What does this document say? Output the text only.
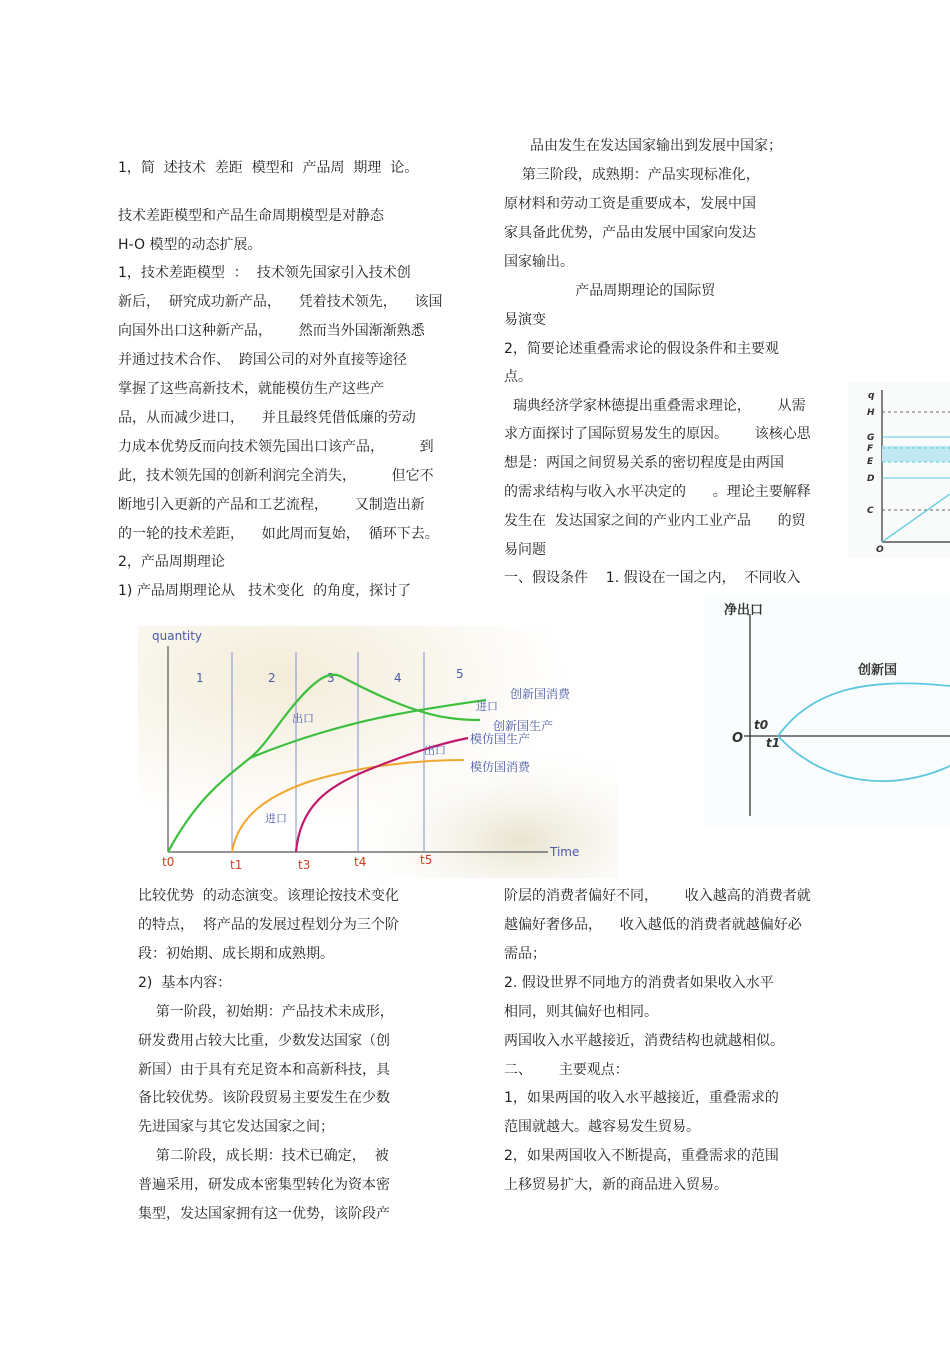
1，简  述技术  差距  模型和  产品周  期理  论。
技术差距模型和产品生命周期模型是对静态
H-O 模型的动态扩展。
1，技术差距模型  ：  技术领先国家引入技术创
新后，  研究成功新产品，    凭着技术领先，    该国
向国外出口这种新产品，      然而当外国渐渐熟悉
并通过技术合作、  跨国公司的对外直接等途径
掌握了这些高新技术，就能模仿生产这些产
品，从而减少进口，    并且最终凭借低廉的劳动
力成本优势反而向技术领先国出口该产品，        到
此，技术领先国的创新利润完全消失，        但它不
断地引入更新的产品和工艺流程，      又制造出新
的一轮的技术差距，    如此周而复始，  循环下去。
2，产品周期理论
1) 产品周期理论从   技术变化  的角度，探讨了
比较优势  的动态演变。该理论按技术变化
的特点，  将产品的发展过程划分为三个阶
段：初始期、成长期和成熟期。
2)  基本内容：
第一阶段，初始期：产品技术未成形，
研发费用占较大比重，少数发达国家（创
新国）由于具有充足资本和高新科技，具
备比较优势。该阶段贸易主要发生在少数
先进国家与其它发达国家之间；
第二阶段，成长期：技术已确定，  被
普遍采用，研发成本密集型转化为资本密
集型，发达国家拥有这一优势，该阶段产
品由发生在发达国家输出到发展中国家；
第三阶段，成熟期：产品实现标准化，
原材料和劳动工资是重要成本，发展中国
家具备此优势，产品由发展中国家向发达
国家输出。
产品周期理论的国际贸
易演变
2，简要论述重叠需求论的假设条件和主要观
点。
瑞典经济学家林德提出重叠需求理论，      从需
求方面探讨了国际贸易发生的原因。      该核心思
想是：两国之间贸易关系的密切程度是由两国
的需求结构与收入水平决定的      。理论主要解释
发生在  发达国家之间的产业内工业产品      的贸
易问题
一、假设条件    1. 假设在一国之内，  不同收入
阶层的消费者偏好不同，      收入越高的消费者就
越偏好奢侈品，    收入越低的消费者就越偏好必
需品；
2. 假设世界不同地方的消费者如果收入水平
相同，则其偏好也相同。
两国收入水平越接近，消费结构也就越相似。
二、      主要观点：
1，如果两国的收入水平越接近，重叠需求的
范围就越大。越容易发生贸易。
2，如果两国收入不断提高，重叠需求的范围
上移贸易扩大，新的商品进入贸易。
quantity
Time
1	2	3	4	5
t0	t1	t3	t4	t5
出口
进口
出口
进口
创新国消费
创新国生产
模仿国生产
模仿国消费
净出口
O
t0
t1
创新国
q
H
G
F
E
D
C
O
